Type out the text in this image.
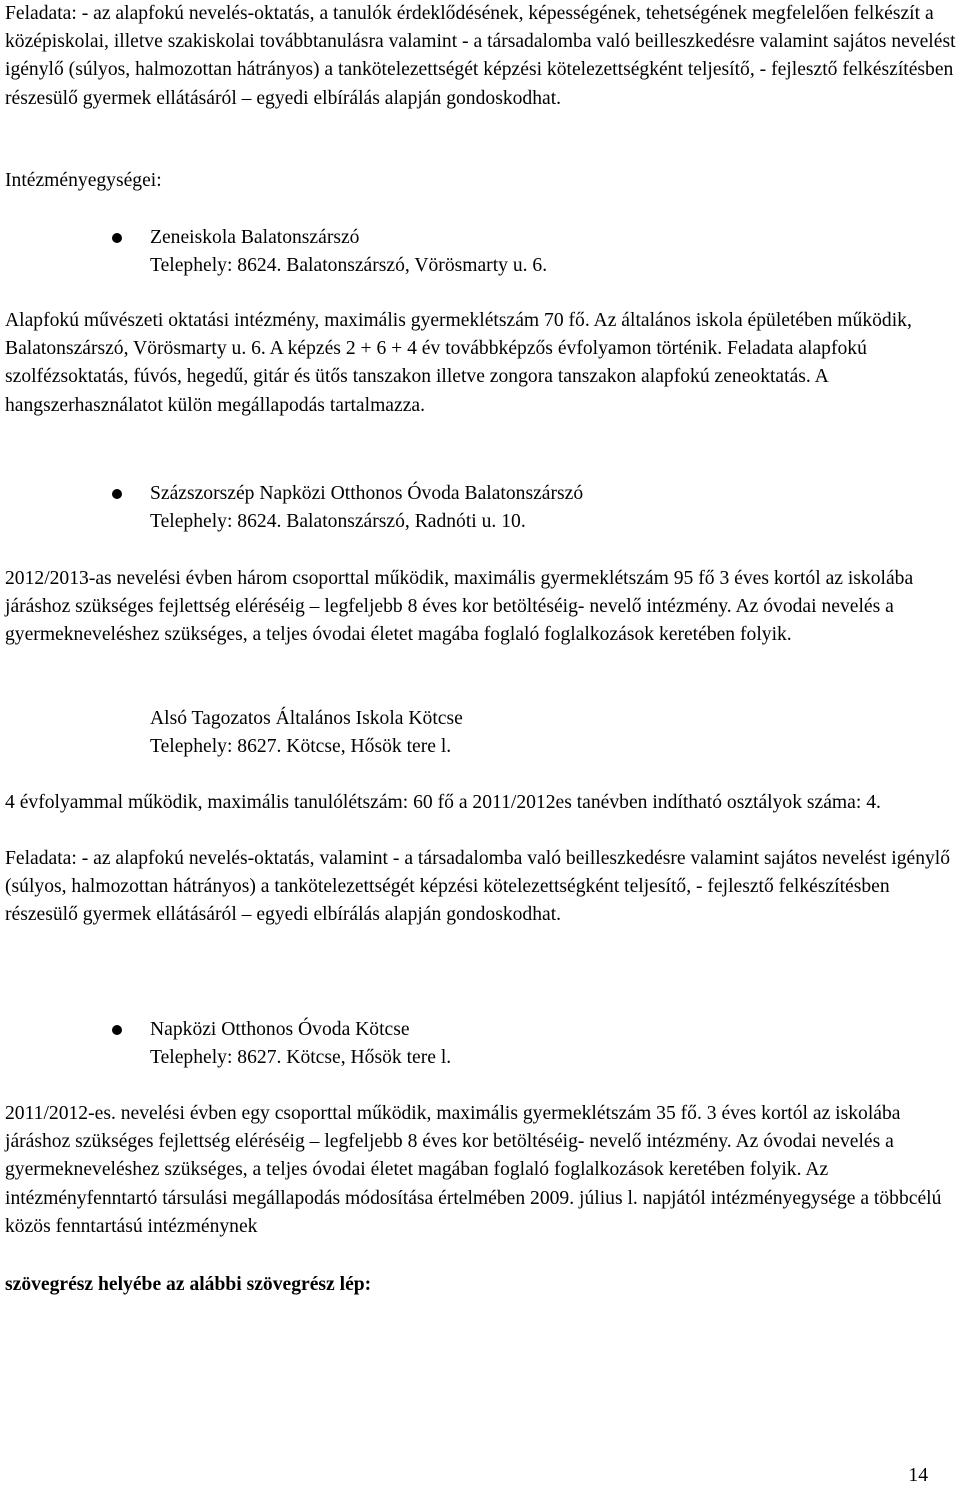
Feladata: - az alapfokú nevelés-oktatás, a tanulók érdeklődésének, képességének, tehetségének megfelelően felkészít a középiskolai, illetve szakiskolai továbbtanulásra valamint - a társadalomba való beilleszkedésre valamint sajátos nevelést igénylő (súlyos, halmozottan hátrányos) a tankötelezettségét képzési kötelezettségként teljesítő, - fejlesztő felkészítésben részesülő gyermek ellátásáról – egyedi elbírálás alapján gondoskodhat.

Intézményegységei:

Zeneiskola Balatonszárszó

Telephely: 8624. Balatonszárszó, Vörösmarty u. 6.

Alapfokú művészeti oktatási intézmény, maximális gyermeklétszám 70 fő. Az általános iskola épületében működik, Balatonszárszó, Vörösmarty u. 6. A képzés 2 + 6 + 4 év továbbképzős évfolyamon történik. Feladata alapfokú szolfézsoktatás, fúvós, hegedű, gitár és ütős tanszakon illetve zongora tanszakon alapfokú zeneoktatás. A hangszerhasználatot külön megállapodás tartalmazza.

Százszorszép Napközi Otthonos Óvoda Balatonszárszó

Telephely: 8624. Balatonszárszó, Radnóti u. 10.

2012/2013-as nevelési évben három csoporttal működik, maximális gyermeklétszám 95 fő 3 éves kortól az iskolába járáshoz szükséges fejlettség eléréséig – legfeljebb 8 éves kor betöltéséig- nevelő intézmény. Az óvodai nevelés a gyermekneveléshez szükséges, a teljes óvodai életet magába foglaló foglalkozások keretében folyik.

Alsó Tagozatos Általános Iskola Kötcse

Telephely: 8627. Kötcse, Hősök tere l.

4 évfolyammal működik, maximális tanulólétszám: 60 fő a 2011/2012es tanévben indítható osztályok száma: 4.

Feladata: - az alapfokú nevelés-oktatás, valamint - a társadalomba való beilleszkedésre valamint sajátos nevelést igénylő (súlyos, halmozottan hátrányos) a tankötelezettségét képzési kötelezettségként teljesítő, - fejlesztő felkészítésben részesülő gyermek ellátásáról – egyedi elbírálás alapján gondoskodhat.

Napközi Otthonos Óvoda Kötcse

Telephely: 8627. Kötcse, Hősök tere l.

2011/2012-es. nevelési évben egy csoporttal működik, maximális gyermeklétszám 35 fő. 3 éves kortól az iskolába járáshoz szükséges fejlettség eléréséig – legfeljebb 8 éves kor betöltéséig- nevelő intézmény. Az óvodai nevelés a gyermekneveléshez szükséges, a teljes óvodai életet magában foglaló foglalkozások keretében folyik. Az intézményfenntartó társulási megállapodás módosítása értelmében 2009. július l. napjától intézményegysége a többcélú közös fenntartású intézménynek

szövegrész helyébe az alábbi szövegrész lép:

14
